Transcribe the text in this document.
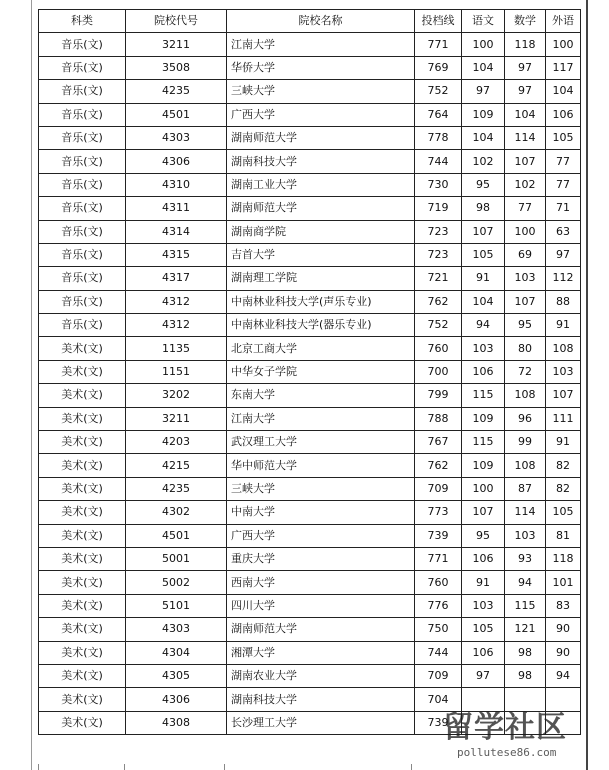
科类	院校代号	院校名称	投档线	语文	数学	外语
音乐(文)	3211	江南大学	771	100	118	100
音乐(文)	3508	华侨大学	769	104	97	117
音乐(文)	4235	三峡大学	752	97	97	104
音乐(文)	4501	广西大学	764	109	104	106
音乐(文)	4303	湖南师范大学	778	104	114	105
音乐(文)	4306	湖南科技大学	744	102	107	77
音乐(文)	4310	湖南工业大学	730	95	102	77
音乐(文)	4311	湖南师范大学	719	98	77	71
音乐(文)	4314	湖南商学院	723	107	100	63
音乐(文)	4315	吉首大学	723	105	69	97
音乐(文)	4317	湖南理工学院	721	91	103	112
音乐(文)	4312	中南林业科技大学(声乐专业)	762	104	107	88
音乐(文)	4312	中南林业科技大学(器乐专业)	752	94	95	91
美术(文)	1135	北京工商大学	760	103	80	108
美术(文)	1151	中华女子学院	700	106	72	103
美术(文)	3202	东南大学	799	115	108	107
美术(文)	3211	江南大学	788	109	96	111
美术(文)	4203	武汉理工大学	767	115	99	91
美术(文)	4215	华中师范大学	762	109	108	82
美术(文)	4235	三峡大学	709	100	87	82
美术(文)	4302	中南大学	773	107	114	105
美术(文)	4501	广西大学	739	95	103	81
美术(文)	5001	重庆大学	771	106	93	118
美术(文)	5002	西南大学	760	91	94	101
美术(文)	5101	四川大学	776	103	115	83
美术(文)	4303	湖南师范大学	750	105	121	90
美术(文)	4304	湘潭大学	744	106	98	90
美术(文)	4305	湖南农业大学	709	97	98	94
美术(文)	4306	湖南科技大学	704			
美术(文)	4308	长沙理工大学	739			
留学社区
pollutese86.com
